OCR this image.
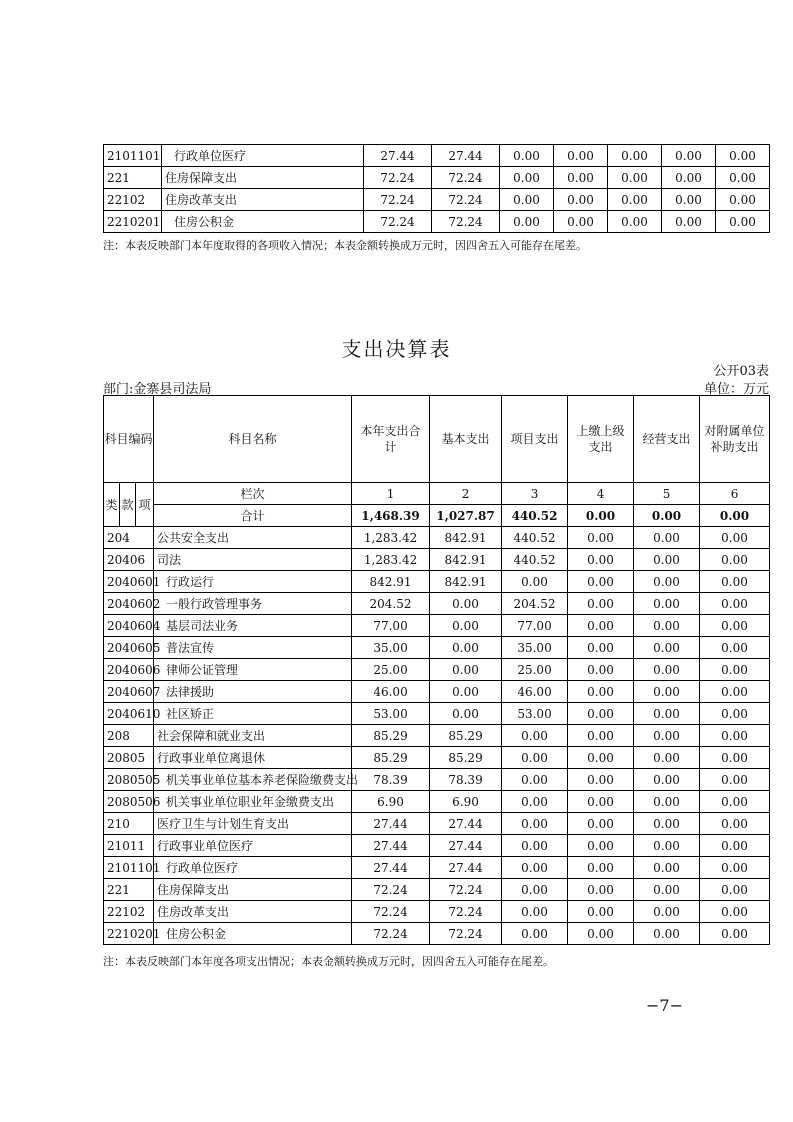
2101101	行政单位医疗	27.44	27.44	0.00	0.00	0.00	0.00	0.00
221	住房保障支出	72.24	72.24	0.00	0.00	0.00	0.00	0.00
22102	住房改革支出	72.24	72.24	0.00	0.00	0.00	0.00	0.00
2210201	住房公积金	72.24	72.24	0.00	0.00	0.00	0.00	0.00
注：本表反映部门本年度取得的各项收入情况；本表金额转换成万元时，因四舍五入可能存在尾差。
支出决算表
公开03表
部门:金寨县司法局	单位：万元
科目编码			科目名称	本年支出合计	基本支出	项目支出	上缴上级支出	经营支出	对附属单位补助支出
类	款	项	栏次	1	2	3	4	5	6
			合计	1,468.39	1,027.87	440.52	0.00	0.00	0.00
204			公共安全支出	1,283.42	842.91	440.52	0.00	0.00	0.00
20406			司法	1,283.42	842.91	440.52	0.00	0.00	0.00
2040601			行政运行	842.91	842.91	0.00	0.00	0.00	0.00
2040602			一般行政管理事务	204.52	0.00	204.52	0.00	0.00	0.00
2040604			基层司法业务	77.00	0.00	77.00	0.00	0.00	0.00
2040605			普法宣传	35.00	0.00	35.00	0.00	0.00	0.00
2040606			律师公证管理	25.00	0.00	25.00	0.00	0.00	0.00
2040607			法律援助	46.00	0.00	46.00	0.00	0.00	0.00
2040610			社区矫正	53.00	0.00	53.00	0.00	0.00	0.00
208			社会保障和就业支出	85.29	85.29	0.00	0.00	0.00	0.00
20805			行政事业单位离退休	85.29	85.29	0.00	0.00	0.00	0.00
2080505			机关事业单位基本养老保险缴费支出	78.39	78.39	0.00	0.00	0.00	0.00
2080506			机关事业单位职业年金缴费支出	6.90	6.90	0.00	0.00	0.00	0.00
210			医疗卫生与计划生育支出	27.44	27.44	0.00	0.00	0.00	0.00
21011			行政事业单位医疗	27.44	27.44	0.00	0.00	0.00	0.00
2101101			行政单位医疗	27.44	27.44	0.00	0.00	0.00	0.00
221			住房保障支出	72.24	72.24	0.00	0.00	0.00	0.00
22102			住房改革支出	72.24	72.24	0.00	0.00	0.00	0.00
2210201			住房公积金	72.24	72.24	0.00	0.00	0.00	0.00
注：本表反映部门本年度各项支出情况；本表金额转换成万元时，因四舍五入可能存在尾差。
−7−
